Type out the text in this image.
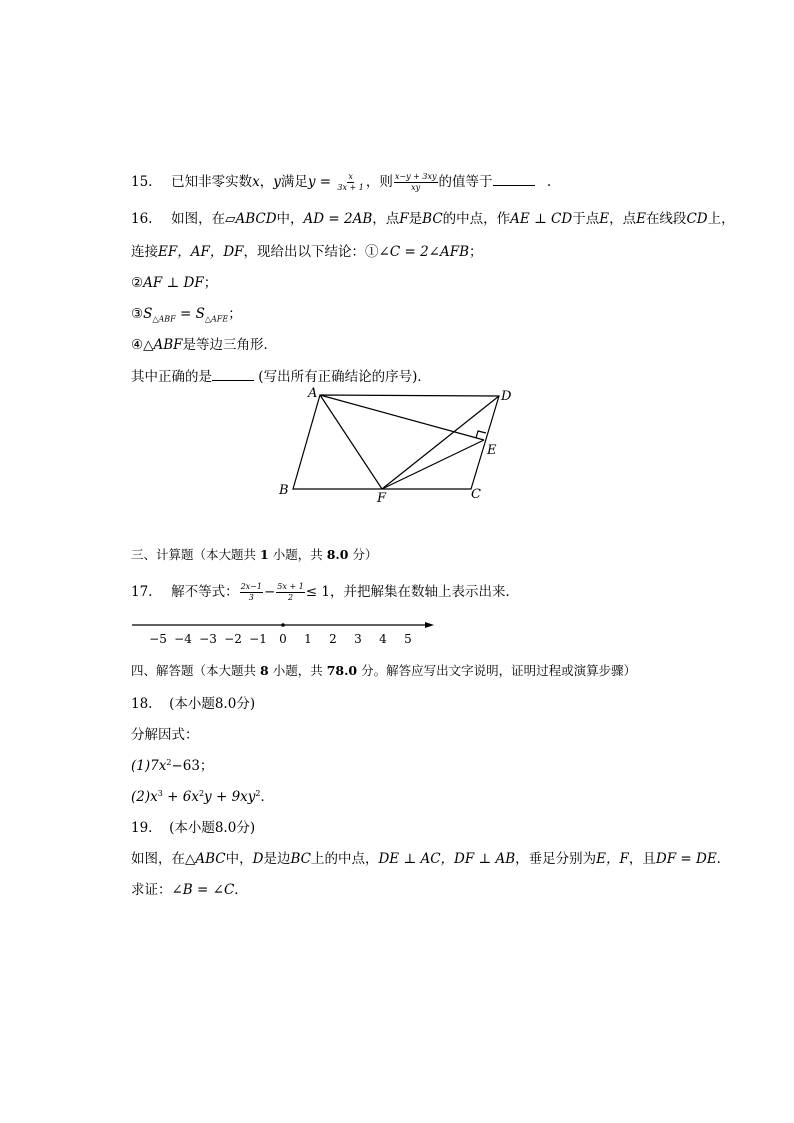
15. 已知非零实数x，y满足$y = \frac{x}{3x + 1}$ ，则 $\frac{x-y + 3xy}{xy}$ 的值等于	.
16. 如图，在▱ABCD中，AD = 2AB，点F是BC的中点，作AE ⊥ CD于点E，点E在线段CD上，
连接EF，AF，DF，现给出以下结论：①∠C = 2∠AFB；
②AF ⊥ DF；
$③S_{\triangle ABF} = S_{\triangle AFE}$；
④△ABF是等边三角形．
其中正确的是	(写出所有正确结论的序号)．
A
B	C
D
E
F
三、计算题（本大题共 1 小题，共 8.0 分）
17. 解不等式： $\frac{2x-1}{3} - \frac{5x + 1}{2} \le 1$，并把解集在数轴上表示出来．
−5 −4 −3 −2 −1 0 1 2 3 4 5
四、解答题（本大题共 8 小题，共 78.0 分。解答应写出文字说明，证明过程或演算步骤）
18. (本小题8.0分)
分解因式：
$(1)7x^2-63$；
$(2)x^3 + 6x^2y + 9xy^2$．
19. (本小题8.0分)
如图，在△ABC中，D是边BC上的中点，DE ⊥ AC，DF ⊥ AB，垂足分别为E，F，且DF = DE．
求证：∠B = ∠C．
